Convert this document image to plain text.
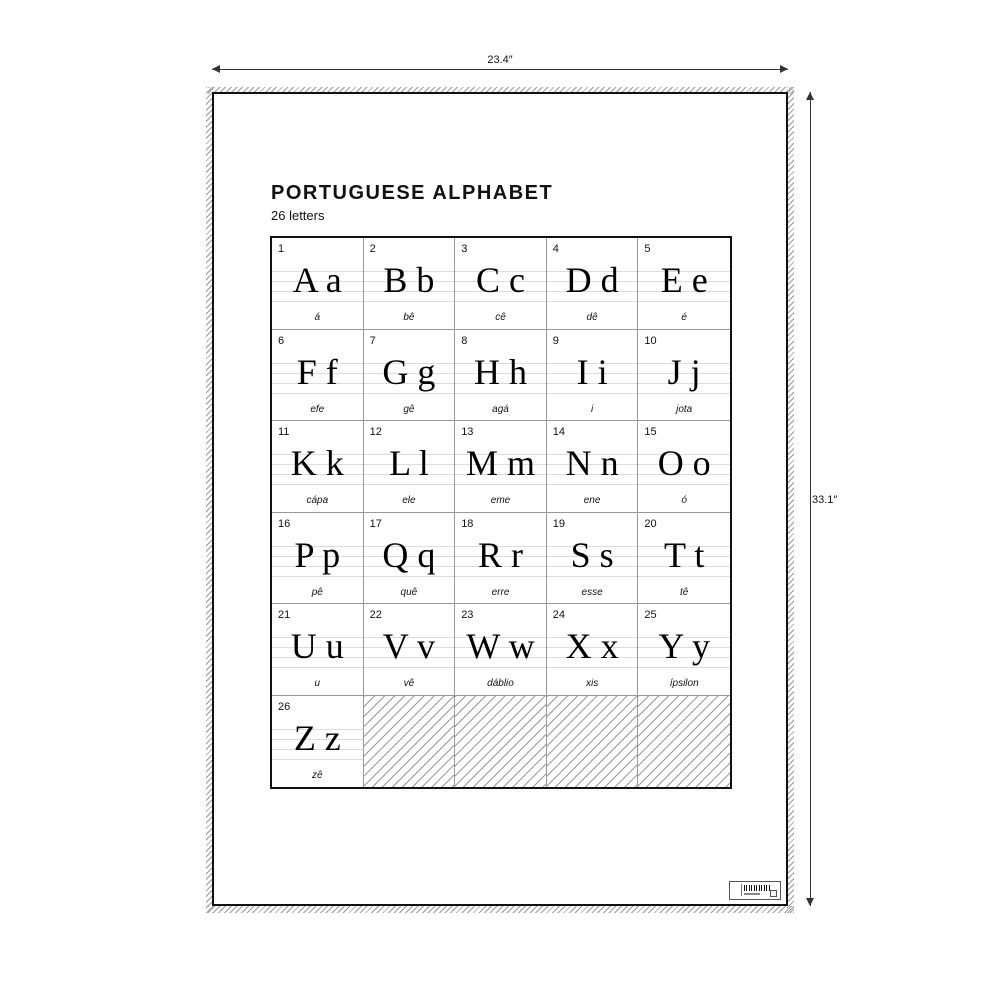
23.4″
33.1″
PORTUGUESE ALPHABET
26 letters
1
A a
á
2
B b
bê
3
C c
cê
4
D d
dê
5
E e
é
6
F f
efe
7
G g
gê
8
H h
agá
9
I i
i
10
J j
jota
11
K k
cápa
12
L l
ele
13
M m
eme
14
N n
ene
15
O o
ó
16
P p
pê
17
Q q
quê
18
R r
erre
19
S s
esse
20
T t
tê
21
U u
u
22
V v
vê
23
W w
dáblio
24
X x
xis
25
Y y
ípsilon
26
Z z
zê
